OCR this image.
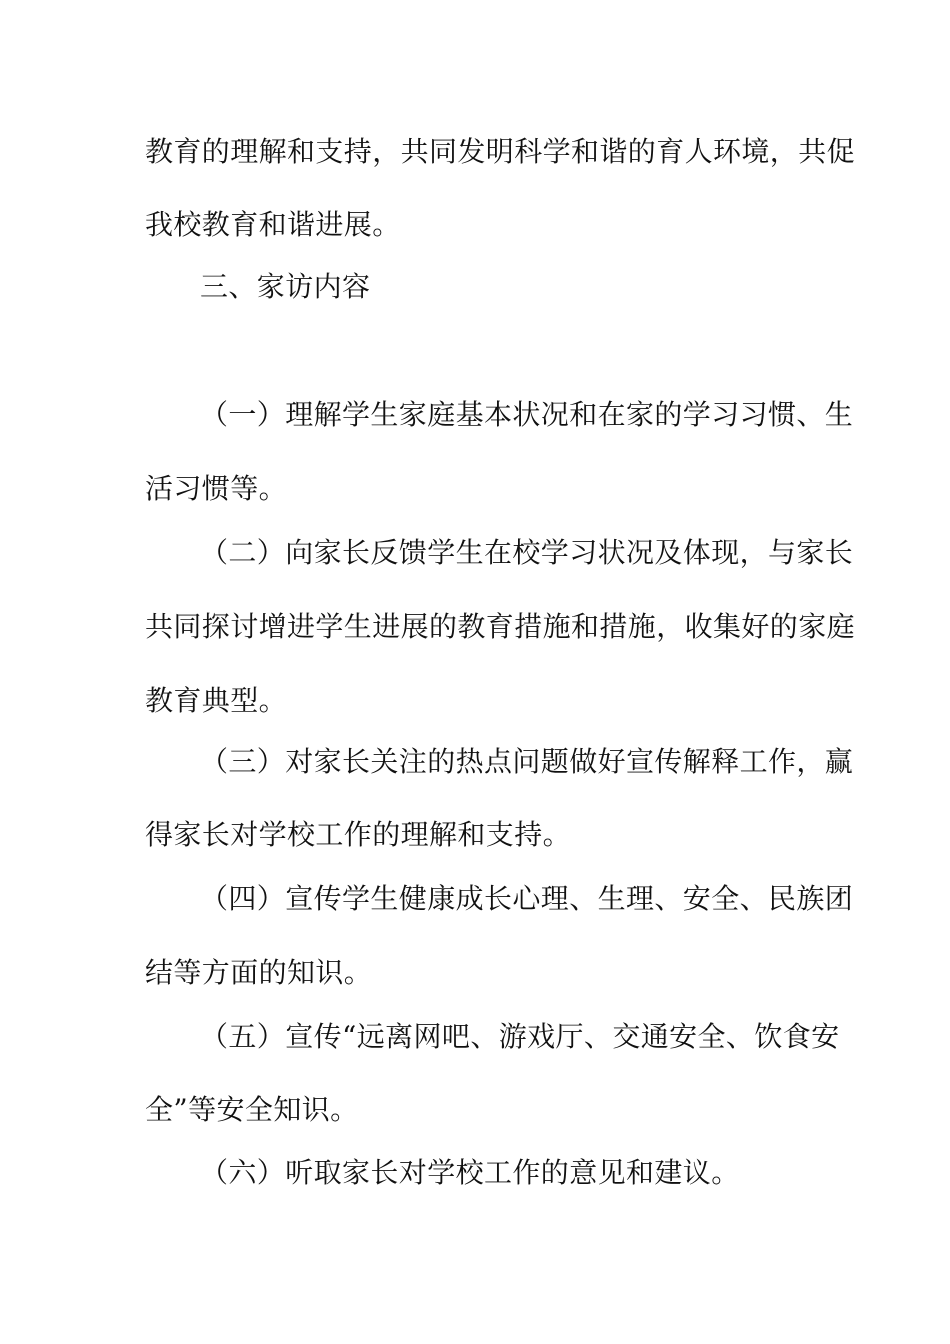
教育的理解和支持，共同发明科学和谐的育人环境，共促
我校教育和谐进展。
三、家访内容
（一）理解学生家庭基本状况和在家的学习习惯、生
活习惯等。
（二）向家长反馈学生在校学习状况及体现，与家长
共同探讨增进学生进展的教育措施和措施，收集好的家庭
教育典型。
（三）对家长关注的热点问题做好宣传解释工作，赢
得家长对学校工作的理解和支持。
（四）宣传学生健康成长心理、生理、安全、民族团
结等方面的知识。
（五）宣传“远离网吧、游戏厅、交通安全、饮食安
全”等安全知识。
（六）听取家长对学校工作的意见和建议。
